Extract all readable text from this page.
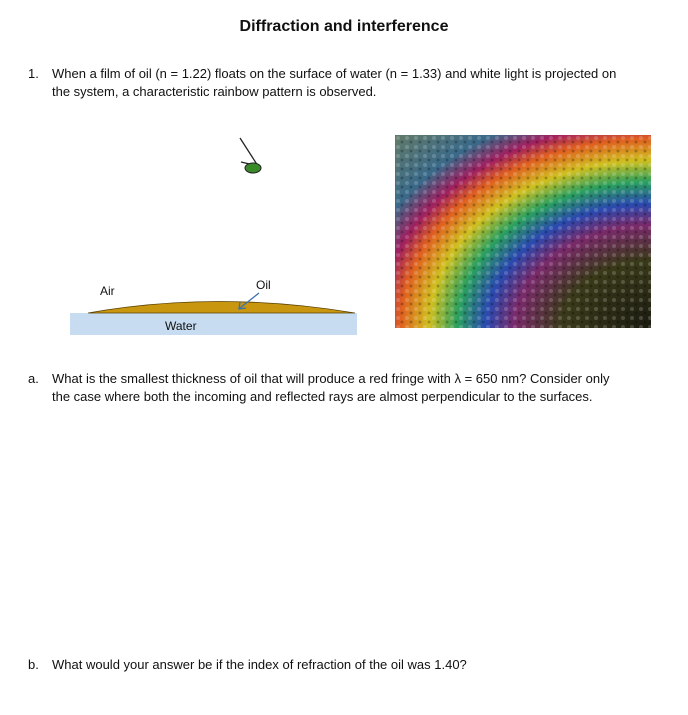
Diffraction and interference
1. When a film of oil (n = 1.22) floats on the surface of water (n = 1.33) and white light is projected on the system, a characteristic rainbow pattern is observed.
Air	Oil
Water
a. What is the smallest thickness of oil that will produce a red fringe with λ = 650 nm? Consider only the case where both the incoming and reflected rays are almost perpendicular to the surfaces.
b. What would your answer be if the index of refraction of the oil was 1.40?
